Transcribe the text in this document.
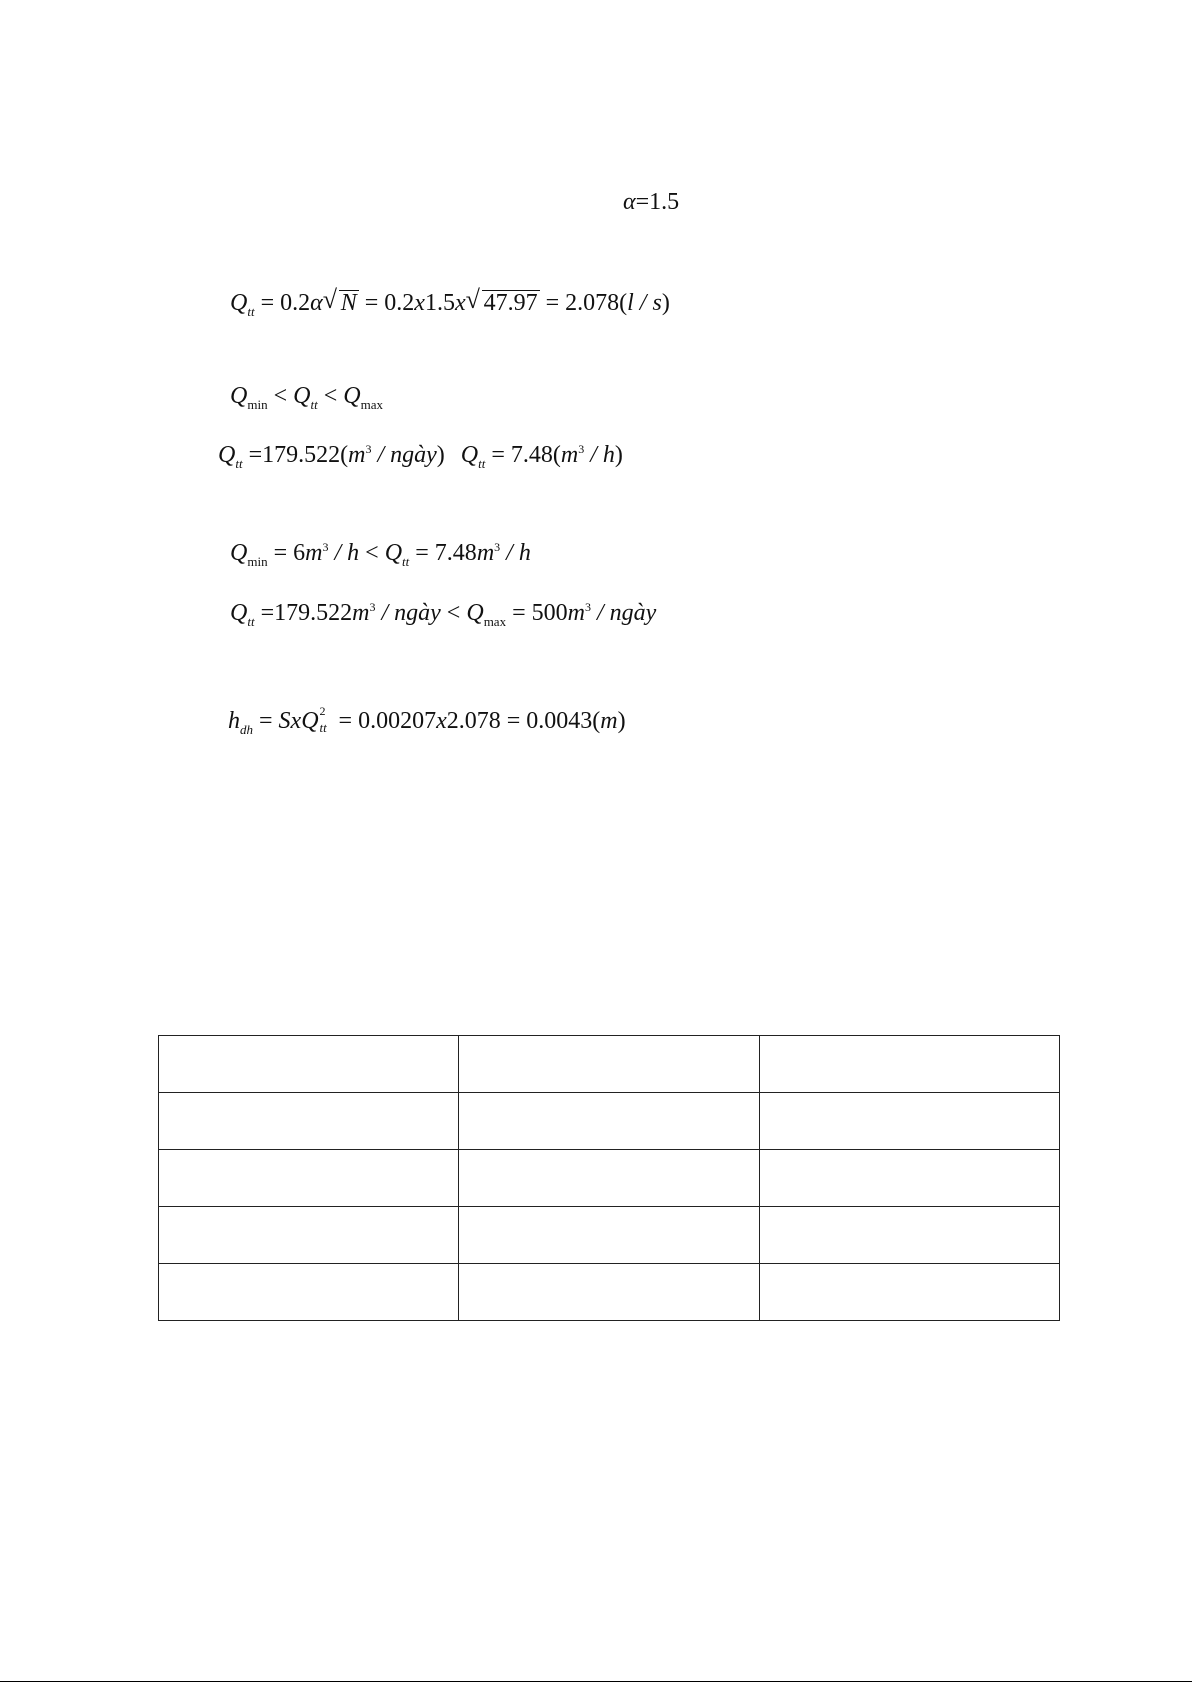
α=1.5
$Q_{tt} = 0.2\alpha√$ N = 0.2x1.5x√ 47.97 = 2.078(l / s)
$Q_{min} < Q_{tt} < Q_{max}$
$Q_{tt} =179.522(m^3$ / ngày) $Q_{tt} = 7.48(m^3 / h)$
$Q_{min} = 6m^3 / h < Q_{tt} = 7.48m^3 / h$
$Q_{tt} =179.522m^3$ / ngày < $Q_{max} = 500m^3$ / ngày
$h_{dh}$ = SxQ 2
tt = 0.00207x2.078 = 0.0043(m)
